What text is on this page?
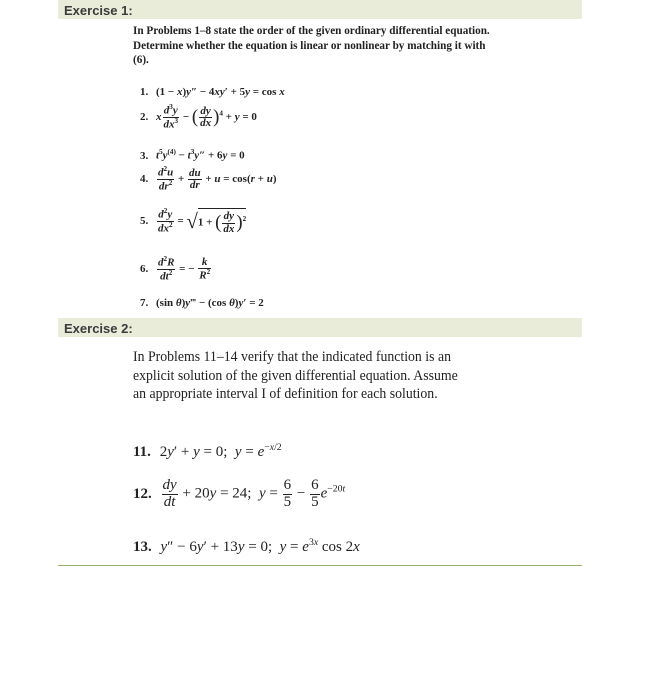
Exercise 1:
In Problems 1–8 state the order of the given ordinary differential equation. Determine whether the equation is linear or nonlinear by matching it with (6).
1. (1 − x)y″ − 4xy′ + 5y = cos x
2. x $\frac{d^3y}{dx^3}$ − ( $\frac{dy}{dx} )^4 + y = 0$
3. $t^5y^{(4)} - t^3y'' + 6y = 0$
4. $\frac{d^2u}{dr^2} + \frac{du}{dr} + u = \cos(r + u)$
5. $\frac{d^2y}{dx^2} = √1$ + ( $\frac{dy}{dx} )^2$
6. $\frac{d^2R}{dt^2}$ = − $\frac{k}{R^2}$
7. (sin θ)y‴ − (cos θ)y′ = 2
Exercise 2:
In Problems 11–14 verify that the indicated function is an explicit solution of the given differential equation. Assume an appropriate interval I of definition for each solution.
11. 2y′ + y = 0;  $y = e^{-x/2}$
12. $\frac{dy}{dt} + 20y = 24$;  $y = \frac{6}{5} - \frac{6}{5} e^{-20t}$
13. y″ − 6y′ + 13y = 0;  $y = e^{3x}$ cos 2x
